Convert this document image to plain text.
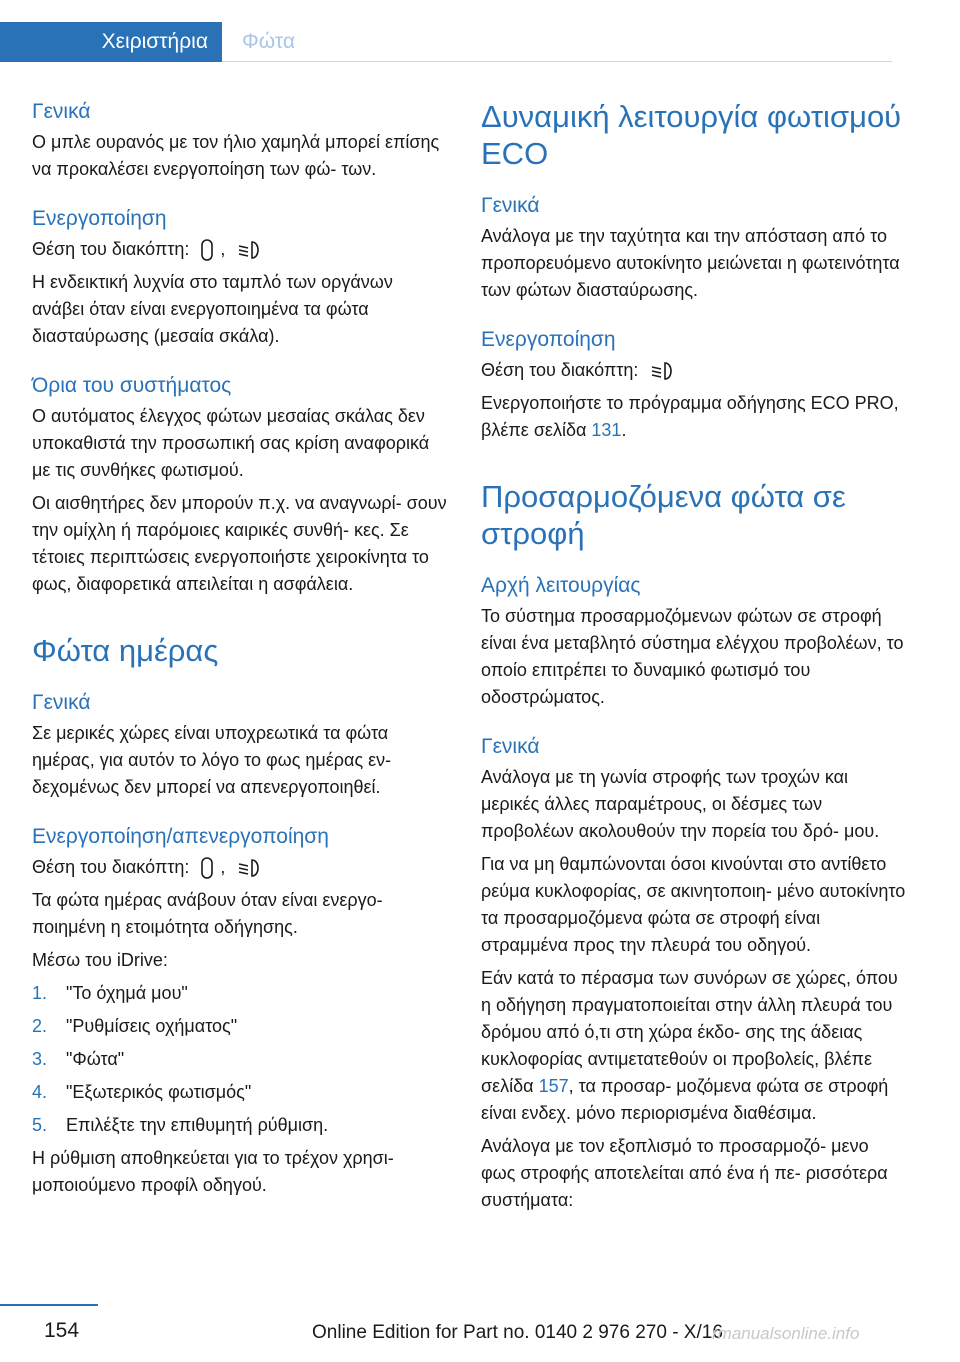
Χειριστήρια	Φώτα
Γενικά

Ο μπλε ουρανός με τον ήλιο χαμηλά μπορεί επίσης να προκαλέσει ενεργοποίηση των φώ‐ των.

Ενεργοποίηση

Θέση του διακόπτη: ,

Η ενδεικτική λυχνία στο ταμπλό των οργάνων ανάβει όταν είναι ενεργοποιημένα τα φώτα διασταύρωσης (μεσαία σκάλα).

Όρια του συστήματος

Ο αυτόματος έλεγχος φώτων μεσαίας σκάλας δεν υποκαθιστά την προσωπική σας κρίση αναφορικά με τις συνθήκες φωτισμού.

Οι αισθητήρες δεν μπορούν π.χ. να αναγνωρί‐ σουν την ομίχλη ή παρόμοιες καιρικές συνθή‐ κες. Σε τέτοιες περιπτώσεις ενεργοποιήστε χειροκίνητα το φως, διαφορετικά απειλείται η ασφάλεια.

Φώτα ημέρας
Γενικά

Σε μερικές χώρες είναι υποχρεωτικά τα φώτα ημέρας, για αυτόν το λόγο το φως ημέρας εν‐ δεχομένως δεν μπορεί να απενεργοποιηθεί.

Ενεργοποίηση/απενεργοποίηση

Θέση του διακόπτη: ,

Τα φώτα ημέρας ανάβουν όταν είναι ενεργο‐ ποιημένη η ετοιμότητα οδήγησης.

Μέσω του iDrive:

1. "Το όχημά μου"
2. "Ρυθμίσεις οχήματος"
3. "Φώτα"
4. "Εξωτερικός φωτισμός"
5. Επιλέξτε την επιθυμητή ρύθμιση.

Η ρύθμιση αποθηκεύεται για το τρέχον χρησι‐ μοποιούμενο προφίλ οδηγού.

Δυναμική λειτουργία φωτισμού ECO
Γενικά

Ανάλογα με την ταχύτητα και την απόσταση από το προπορευόμενο αυτοκίνητο μειώνεται η φωτεινότητα των φώτων διασταύρωσης.

Ενεργοποίηση

Θέση του διακόπτη:

Ενεργοποιήστε το πρόγραμμα οδήγησης ECO PRO, βλέπε σελίδα 131.

Προσαρμοζόμενα φώτα σε στροφή
Αρχή λειτουργίας

Το σύστημα προσαρμοζόμενων φώτων σε στροφή είναι ένα μεταβλητό σύστημα ελέγχου προβολέων, το οποίο επιτρέπει το δυναμικό φωτισμό του οδοστρώματος.

Γενικά

Ανάλογα με τη γωνία στροφής των τροχών και μερικές άλλες παραμέτρους, οι δέσμες των προβολέων ακολουθούν την πορεία του δρό‐ μου.

Για να μη θαμπώνονται όσοι κινούνται στο αντίθετο ρεύμα κυκλοφορίας, σε ακινητοποιη‐ μένο αυτοκίνητο τα προσαρμοζόμενα φώτα σε στροφή είναι στραμμένα προς την πλευρά του οδηγού.

Εάν κατά το πέρασμα των συνόρων σε χώρες, όπου η οδήγηση πραγματοποιείται στην άλλη πλευρά του δρόμου από ό,τι στη χώρα έκδο‐ σης της άδειας κυκλοφορίας αντιμετατεθούν οι προβολείς, βλέπε σελίδα 157, τα προσαρ‐ μοζόμενα φώτα σε στροφή είναι ενδεχ. μόνο περιορισμένα διαθέσιμα.

Ανάλογα με τον εξοπλισμό το προσαρμοζό‐ μενο φως στροφής αποτελείται από ένα ή πε‐ ρισσότερα συστήματα:

154	Online Edition for Part no. 0140 2 976 270 - X/16
rmanualsonline.info
